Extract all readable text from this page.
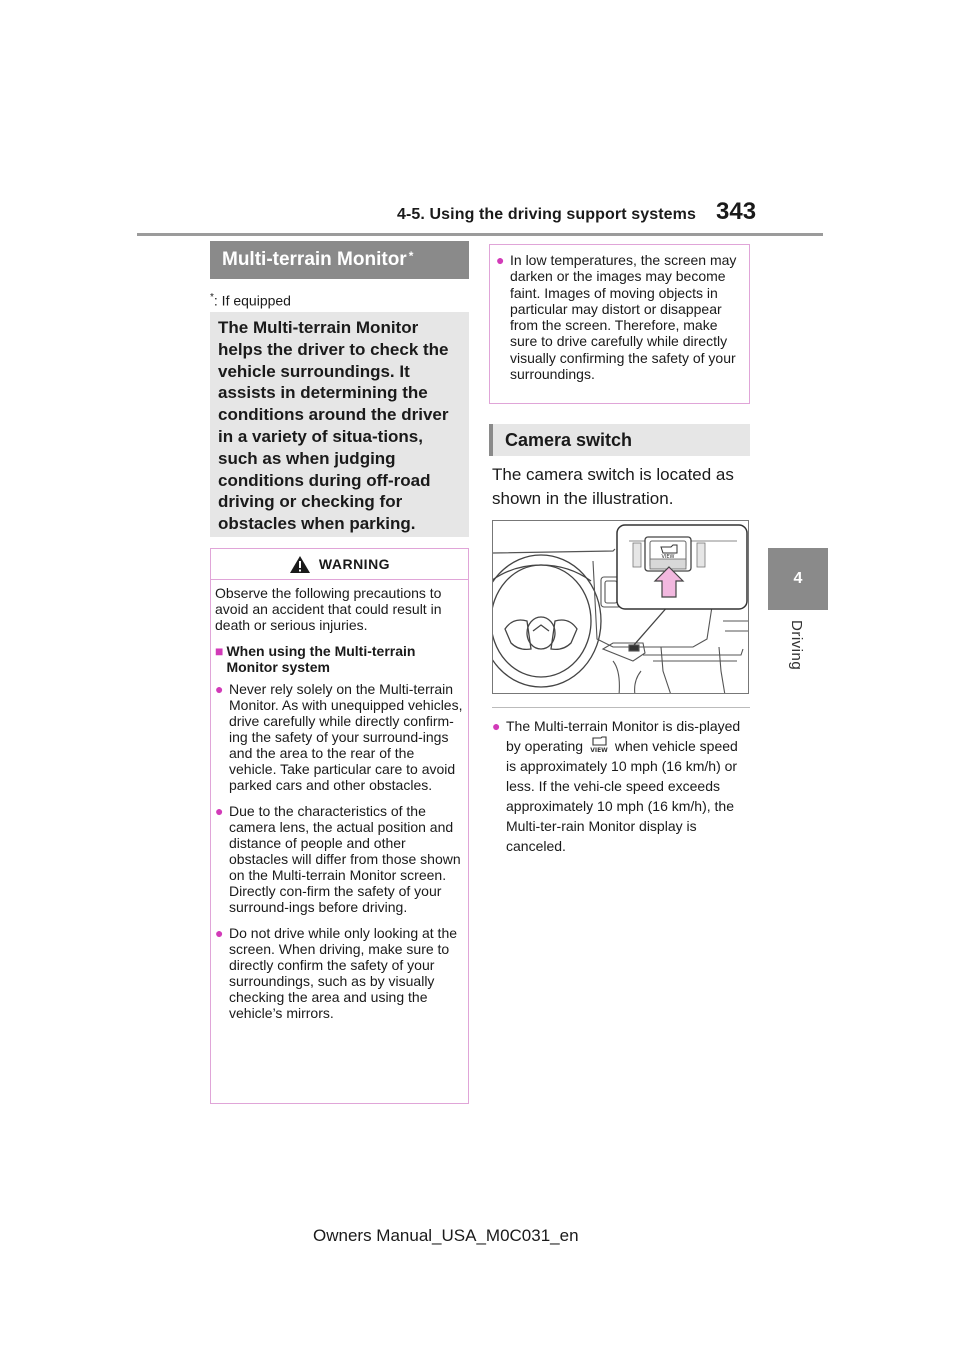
4-5. Using the driving support systems 343
4
Driving
Multi-terrain Monitor*
*: If equipped
The Multi-terrain Monitor helps the driver to check the vehicle surroundings. It assists in determining the conditions around the driver in a variety of situa-tions, such as when judging conditions during off-road driving or checking for obstacles when parking.
WARNING

Observe the following precautions to avoid an accident that could result in death or serious injuries.

■ When using the Multi-terrain Monitor system
● Never rely solely on the Multi-terrain Monitor. As with unequipped vehicles, drive carefully while directly confirm-ing the safety of your surround-ings and the area to the rear of the vehicle. Take particular care to avoid parked cars and other obstacles.
● Due to the characteristics of the camera lens, the actual position and distance of people and other obstacles will differ from those shown on the Multi-terrain Monitor screen. Directly con-firm the safety of your surround-ings before driving.
● Do not drive while only looking at the screen. When driving, make sure to directly confirm the safety of your surroundings, such as by visually checking the area and using the vehicle’s mirrors.
● In low temperatures, the screen may darken or the images may become faint. Images of moving objects in particular may distort or disappear from the screen. Therefore, make sure to drive carefully while directly visually confirming the safety of your surroundings.
Camera switch
The camera switch is located as shown in the illustration.
VIEW
● The Multi-terrain Monitor is dis-played by operating VIEW when vehicle speed is approximately 10 mph (16 km/h) or less. If the vehi-cle speed exceeds approximately 10 mph (16 km/h), the Multi-ter-rain Monitor display is canceled.
Owners Manual_USA_M0C031_en
